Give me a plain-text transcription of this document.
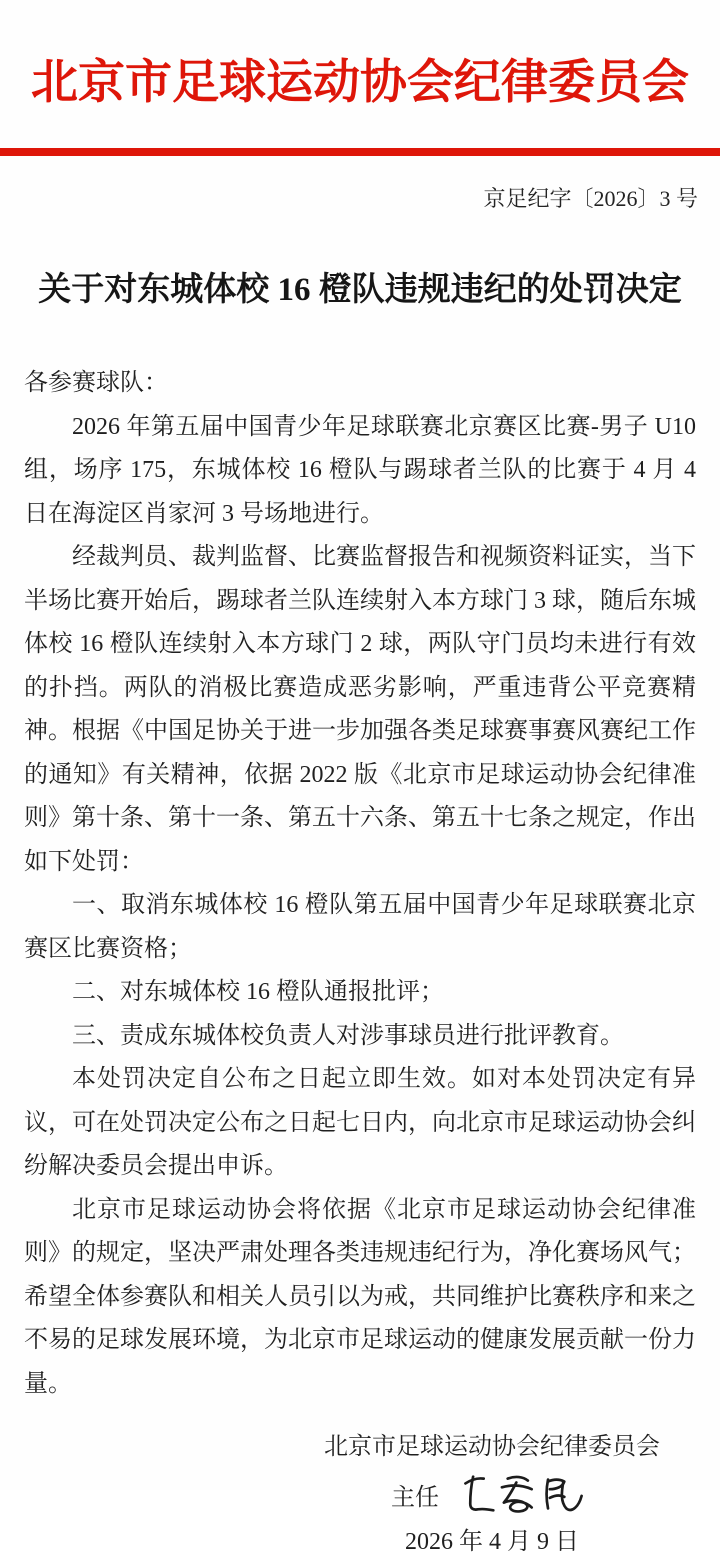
北京市足球运动协会纪律委员会
京足纪字〔2026〕3 号
关于对东城体校 16 橙队违规违纪的处罚决定

各参赛球队：

2026 年第五届中国青少年足球联赛北京赛区比赛-男子 U10 组，场序 175，东城体校 16 橙队与踢球者兰队的比赛于 4 月 4 日在海淀区肖家河 3 号场地进行。

经裁判员、裁判监督、比赛监督报告和视频资料证实，当下半场比赛开始后，踢球者兰队连续射入本方球门 3 球，随后东城体校 16 橙队连续射入本方球门 2 球，两队守门员均未进行有效的扑挡。两队的消极比赛造成恶劣影响，严重违背公平竞赛精神。根据《中国足协关于进一步加强各类足球赛事赛风赛纪工作的通知》有关精神，依据 2022 版《北京市足球运动协会纪律准则》第十条、第十一条、第五十六条、第五十七条之规定，作出如下处罚：

一、取消东城体校 16 橙队第五届中国青少年足球联赛北京赛区比赛资格；

二、对东城体校 16 橙队通报批评；

三、责成东城体校负责人对涉事球员进行批评教育。

本处罚决定自公布之日起立即生效。如对本处罚决定有异议，可在处罚决定公布之日起七日内，向北京市足球运动协会纠纷解决委员会提出申诉。

北京市足球运动协会将依据《北京市足球运动协会纪律准则》的规定，坚决严肃处理各类违规违纪行为，净化赛场风气；希望全体参赛队和相关人员引以为戒，共同维护比赛秩序和来之不易的足球发展环境，为北京市足球运动的健康发展贡献一份力量。

北京市足球运动协会纪律委员会
主任
2026 年 4 月 9 日
